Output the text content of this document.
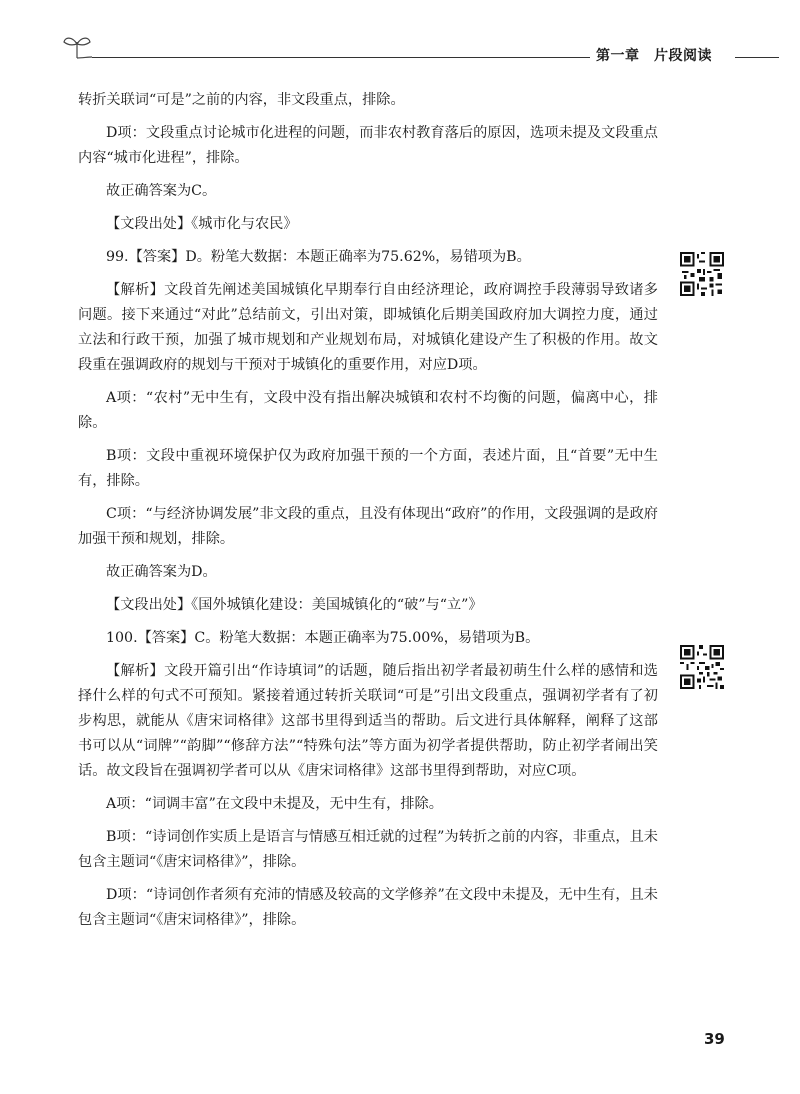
第一章　片段阅读

转折关联词“可是”之前的内容，非文段重点，排除。

D项：文段重点讨论城市化进程的问题，而非农村教育落后的原因，选项未提及文段重点内容“城市化进程”，排除。

故正确答案为C。

【文段出处】《城市化与农民》

99.【答案】D。粉笔大数据：本题正确率为75.62%，易错项为B。

【解析】文段首先阐述美国城镇化早期奉行自由经济理论，政府调控手段薄弱导致诸多问题。接下来通过“对此”总结前文，引出对策，即城镇化后期美国政府加大调控力度，通过立法和行政干预，加强了城市规划和产业规划布局，对城镇化建设产生了积极的作用。故文段重在强调政府的规划与干预对于城镇化的重要作用，对应D项。

A项：“农村”无中生有，文段中没有指出解决城镇和农村不均衡的问题，偏离中心，排除。

B项：文段中重视环境保护仅为政府加强干预的一个方面，表述片面，且“首要”无中生有，排除。

C项：“与经济协调发展”非文段的重点，且没有体现出“政府”的作用，文段强调的是政府加强干预和规划，排除。

故正确答案为D。

【文段出处】《国外城镇化建设：美国城镇化的“破”与“立”》

100.【答案】C。粉笔大数据：本题正确率为75.00%，易错项为B。

【解析】文段开篇引出“作诗填词”的话题，随后指出初学者最初萌生什么样的感情和选择什么样的句式不可预知。紧接着通过转折关联词“可是”引出文段重点，强调初学者有了初步构思，就能从《唐宋词格律》这部书里得到适当的帮助。后文进行具体解释，阐释了这部书可以从“词牌”“韵脚”“修辞方法”“特殊句法”等方面为初学者提供帮助，防止初学者闹出笑话。故文段旨在强调初学者可以从《唐宋词格律》这部书里得到帮助，对应C项。

A项：“词调丰富”在文段中未提及，无中生有，排除。

B项：“诗词创作实质上是语言与情感互相迁就的过程”为转折之前的内容，非重点，且未包含主题词“《唐宋词格律》”，排除。

D项：“诗词创作者须有充沛的情感及较高的文学修养”在文段中未提及，无中生有，且未包含主题词“《唐宋词格律》”，排除。

39
